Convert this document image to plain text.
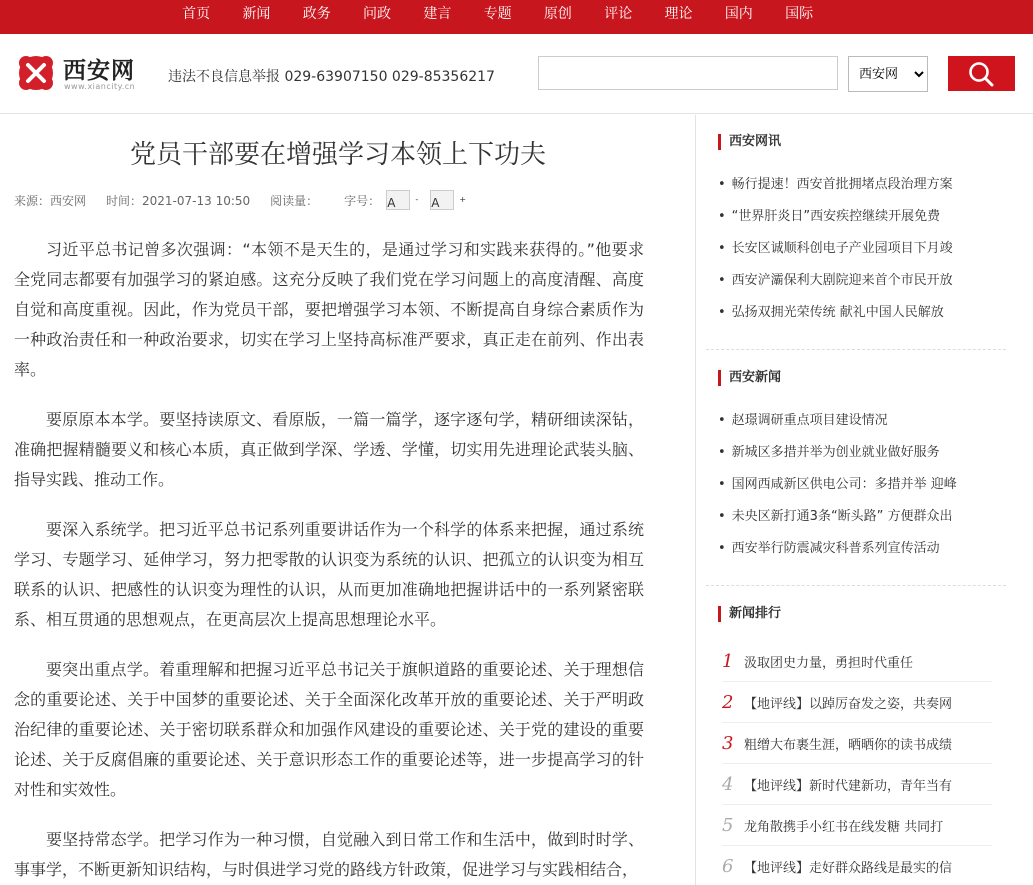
首页	新闻	政务	问政	建言	专题	原创	评论	理论	国内	国际
西安网
www.xiancity.cn
违法不良信息举报 029-63907150 029-85356217
西安网
党员干部要在增强学习本领上下功夫
来源：西安网 时间：2021-07-13 10:50 阅读量： 字号： A	- A	+

习近平总书记曾多次强调：“本领不是天生的，是通过学习和实践来获得的。”他要求全党同志都要有加强学习的紧迫感。这充分反映了我们党在学习问题上的高度清醒、高度自觉和高度重视。因此，作为党员干部，要把增强学习本领、不断提高自身综合素质作为一种政治责任和一种政治要求，切实在学习上坚持高标准严要求，真正走在前列、作出表率。

要原原本本学。要坚持读原文、看原版，一篇一篇学，逐字逐句学，精研细读深钻，准确把握精髓要义和核心本质，真正做到学深、学透、学懂，切实用先进理论武装头脑、指导实践、推动工作。

要深入系统学。把习近平总书记系列重要讲话作为一个科学的体系来把握，通过系统学习、专题学习、延伸学习，努力把零散的认识变为系统的认识、把孤立的认识变为相互联系的认识、把感性的认识变为理性的认识，从而更加准确地把握讲话中的一系列紧密联系、相互贯通的思想观点，在更高层次上提高思想理论水平。

要突出重点学。着重理解和把握习近平总书记关于旗帜道路的重要论述、关于理想信念的重要论述、关于中国梦的重要论述、关于全面深化改革开放的重要论述、关于严明政治纪律的重要论述、关于密切联系群众和加强作风建设的重要论述、关于党的建设的重要论述、关于反腐倡廉的重要论述、关于意识形态工作的重要论述等，进一步提高学习的针对性和实效性。

要坚持常态学。把学习作为一种习惯，自觉融入到日常工作和生活中，做到时时学、事事学，不断更新知识结构，与时俱进学习党的路线方针政策，促进学习与实践相结合，

西安网讯
• 畅行提速！西安首批拥堵点段治理方案
• “世界肝炎日”西安疾控继续开展免费
• 长安区诚顺科创电子产业园项目下月竣
• 西安浐灞保利大剧院迎来首个市民开放
• 弘扬双拥光荣传统 献礼中国人民解放
西安新闻
• 赵璟调研重点项目建设情况
• 新城区多措并举为创业就业做好服务
• 国网西咸新区供电公司：多措并举 迎峰
• 未央区新打通3条“断头路” 方便群众出
• 西安举行防震减灾科普系列宣传活动
新闻排行
1 汲取团史力量，勇担时代重任
2 【地评线】以踔厉奋发之姿，共奏网
3 粗缯大布裹生涯，晒晒你的读书成绩
4 【地评线】新时代建新功，青年当有
5 龙角散携手小红书在线发糖 共同打
6 【地评线】走好群众路线是最实的信
